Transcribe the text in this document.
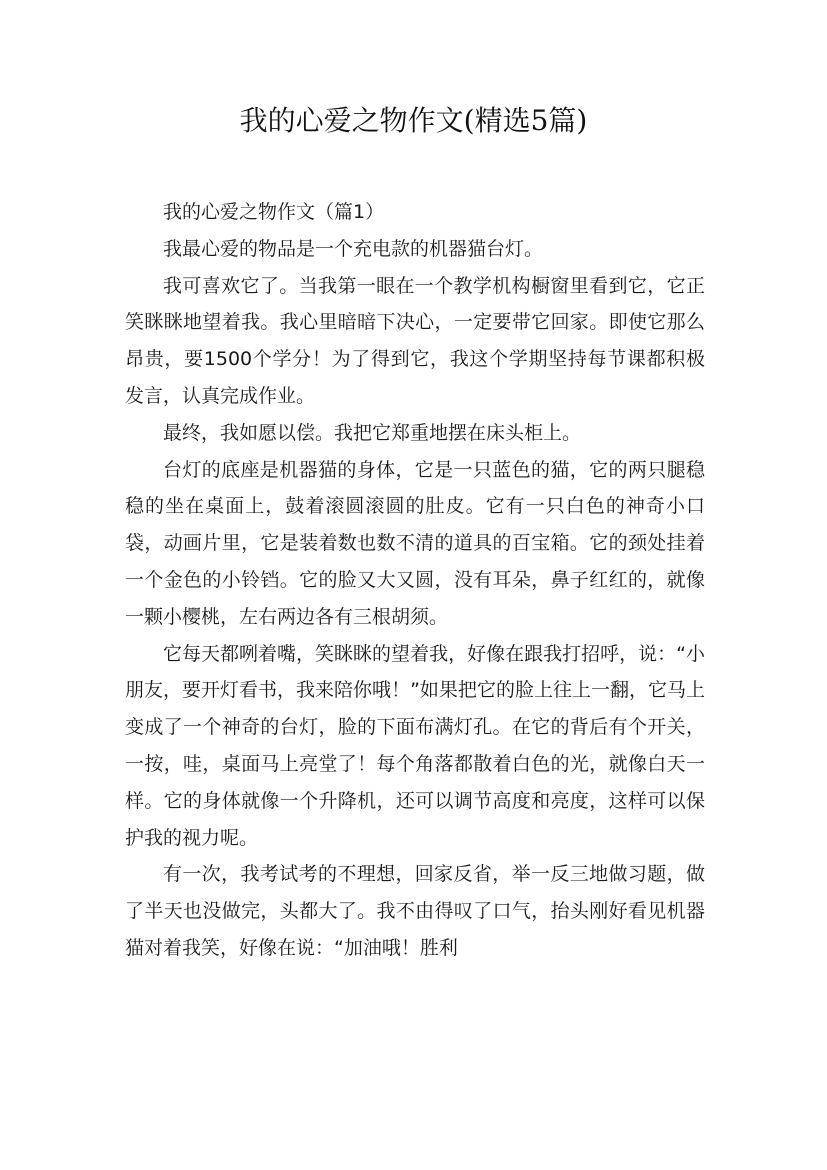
我的心爱之物作文(精选5篇)

我的心爱之物作文（篇1）

我最心爱的物品是一个充电款的机器猫台灯。

我可喜欢它了。当我第一眼在一个教学机构橱窗里看到它，它正笑眯眯地望着我。我心里暗暗下决心，一定要带它回家。即使它那么昂贵，要1500个学分！为了得到它，我这个学期坚持每节课都积极发言，认真完成作业。

最终，我如愿以偿。我把它郑重地摆在床头柜上。

台灯的底座是机器猫的身体，它是一只蓝色的猫，它的两只腿稳稳的坐在桌面上，鼓着滚圆滚圆的肚皮。它有一只白色的神奇小口袋，动画片里，它是装着数也数不清的道具的百宝箱。它的颈处挂着一个金色的小铃铛。它的脸又大又圆，没有耳朵，鼻子红红的，就像一颗小樱桃，左右两边各有三根胡须。

它每天都咧着嘴，笑眯眯的望着我，好像在跟我打招呼，说：“小朋友，要开灯看书，我来陪你哦！”如果把它的脸上往上一翻，它马上变成了一个神奇的台灯，脸的下面布满灯孔。在它的背后有个开关，一按，哇，桌面马上亮堂了！每个角落都散着白色的光，就像白天一样。它的身体就像一个升降机，还可以调节高度和亮度，这样可以保护我的视力呢。

有一次，我考试考的不理想，回家反省，举一反三地做习题，做了半天也没做完，头都大了。我不由得叹了口气，抬头刚好看见机器猫对着我笑，好像在说：“加油哦！胜利
